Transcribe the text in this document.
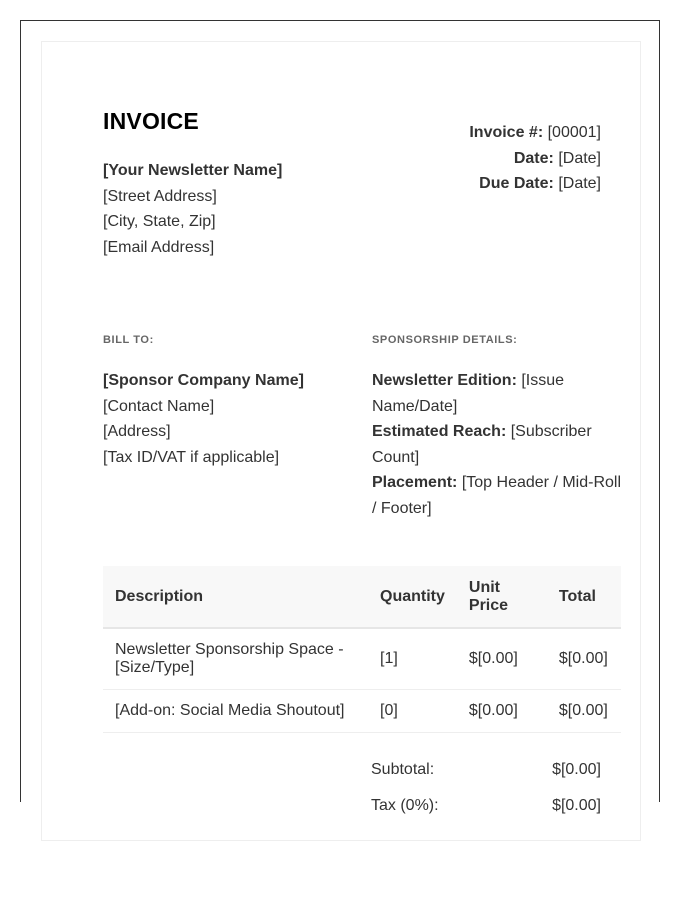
INVOICE
[Your Newsletter Name]
[Street Address]
[City, State, Zip]
[Email Address]
Invoice #: [00001]
Date: [Date]
Due Date: [Date]
BILL TO:
[Sponsor Company Name]
[Contact Name]
[Address]
[Tax ID/VAT if applicable]
SPONSORSHIP DETAILS:
Newsletter Edition: [Issue Name/Date]
Estimated Reach: [Subscriber Count]
Placement: [Top Header / Mid-Roll / Footer]
Description	Quantity	Unit Price	Total
Newsletter Sponsorship Space - [Size/Type]	[1]	$[0.00]	$[0.00]
[Add-on: Social Media Shoutout]	[0]	$[0.00]	$[0.00]
Subtotal:	$[0.00]
Tax (0%):	$[0.00]
